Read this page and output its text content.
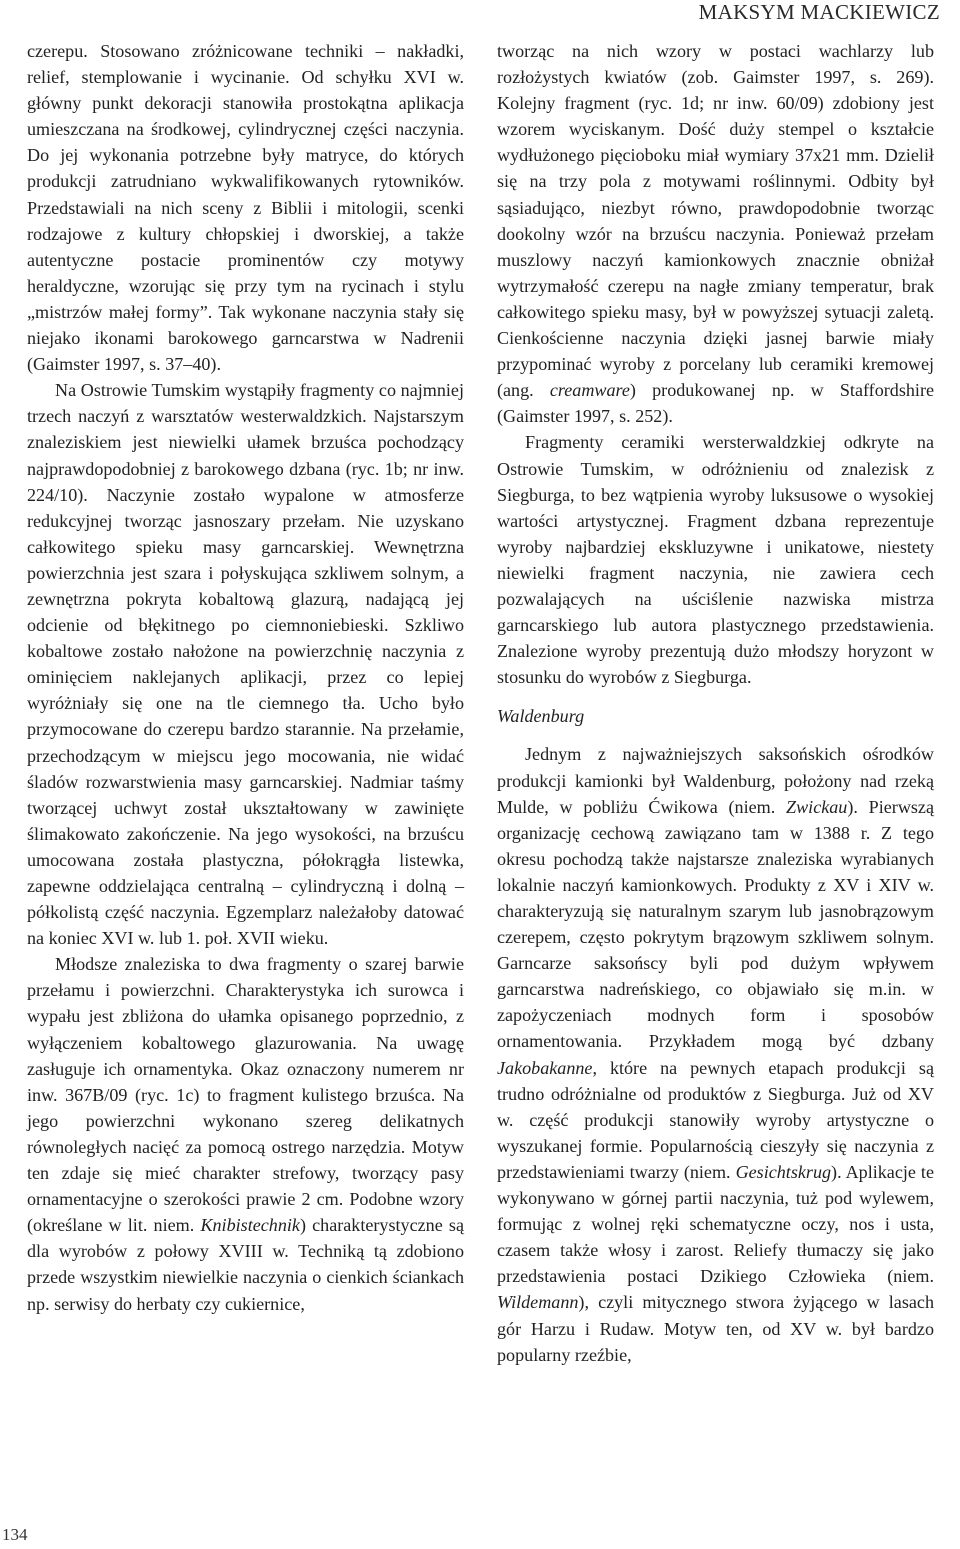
MAKSYM MACKIEWICZ

czerepu. Stosowano zróżnicowane techniki – nakładki, relief, stemplowanie i wycinanie. Od schyłku XVI w. główny punkt dekoracji stanowiła prostokątna aplikacja umieszczana na środkowej, cylindrycznej części naczynia. Do jej wykonania potrzebne były matryce, do których produkcji zatrudniano wykwalifikowanych rytowników. Przedstawiali na nich sceny z Biblii i mitologii, scenki rodzajowe z kultury chłopskiej i dworskiej, a także autentyczne postacie prominentów czy motywy heraldyczne, wzorując się przy tym na rycinach i stylu „mistrzów małej formy”. Tak wykonane naczynia stały się niejako ikonami barokowego garncarstwa w Nadrenii (Gaimster 1997, s. 37–40).

Na Ostrowie Tumskim wystąpiły fragmenty co najmniej trzech naczyń z warsztatów westerwaldzkich. Najstarszym znaleziskiem jest niewielki ułamek brzuśca pochodzący najprawdopodobniej z barokowego dzbana (ryc. 1b; nr inw. 224/10). Naczynie zostało wypalone w atmosferze redukcyjnej tworząc jasnoszary przełam. Nie uzyskano całkowitego spieku masy garncarskiej. Wewnętrzna powierzchnia jest szara i połyskująca szkliwem solnym, a zewnętrzna pokryta kobaltową glazurą, nadającą jej odcienie od błękitnego po ciemnoniebieski. Szkliwo kobaltowe zostało nałożone na powierzchnię naczynia z ominięciem naklejanych aplikacji, przez co lepiej wyróżniały się one na tle ciemnego tła. Ucho było przymocowane do czerepu bardzo starannie. Na przełamie, przechodzącym w miejscu jego mocowania, nie widać śladów rozwarstwienia masy garncarskiej. Nadmiar taśmy tworzącej uchwyt został ukształtowany w zawinięte ślimakowato zakończenie. Na jego wysokości, na brzuścu umocowana została plastyczna, półokrągła listewka, zapewne oddzielająca centralną – cylindryczną i dolną – półkolistą część naczynia. Egzemplarz należałoby datować na koniec XVI w. lub 1. poł. XVII wieku.

Młodsze znaleziska to dwa fragmenty o szarej barwie przełamu i powierzchni. Charakterystyka ich surowca i wypału jest zbliżona do ułamka opisanego poprzednio, z wyłączeniem kobaltowego glazurowania. Na uwagę zasługuje ich ornamentyka. Okaz oznaczony numerem nr inw. 367B/09 (ryc. 1c) to fragment kulistego brzuśca. Na jego powierzchni wykonano szereg delikatnych równoległych nacięć za pomocą ostrego narzędzia. Motyw ten zdaje się mieć charakter strefowy, tworzący pasy ornamentacyjne o szerokości prawie 2 cm. Podobne wzory (określane w lit. niem. Knibistechnik) charakterystyczne są dla wyrobów z połowy XVIII w. Techniką tą zdobiono przede wszystkim niewielkie naczynia o cienkich ściankach np. serwisy do herbaty czy cukiernice,

tworząc na nich wzory w postaci wachlarzy lub rozłożystych kwiatów (zob. Gaimster 1997, s. 269). Kolejny fragment (ryc. 1d; nr inw. 60/09) zdobiony jest wzorem wyciskanym. Dość duży stempel o kształcie wydłużonego pięcioboku miał wymiary 37x21 mm. Dzielił się na trzy pola z motywami roślinnymi. Odbity był sąsiadująco, niezbyt równo, prawdopodobnie tworząc dookolny wzór na brzuścu naczynia. Ponieważ przełam muszlowy naczyń kamionkowych znacznie obniżał wytrzymałość czerepu na nagłe zmiany temperatur, brak całkowitego spieku masy, był w powyższej sytuacji zaletą. Cienkościenne naczynia dzięki jasnej barwie miały przypominać wyroby z porcelany lub ceramiki kremowej (ang. creamware) produkowanej np. w Staffordshire (Gaimster 1997, s. 252).

Fragmenty ceramiki wersterwaldzkiej odkryte na Ostrowie Tumskim, w odróżnieniu od znalezisk z Siegburga, to bez wątpienia wyroby luksusowe o wysokiej wartości artystycznej. Fragment dzbana reprezentuje wyroby najbardziej ekskluzywne i unikatowe, niestety niewielki fragment naczynia, nie zawiera cech pozwalających na uściślenie nazwiska mistrza garncarskiego lub autora plastycznego przedstawienia. Znalezione wyroby prezentują dużo młodszy horyzont w stosunku do wyrobów z Siegburga.

Waldenburg

Jednym z najważniejszych saksońskich ośrodków produkcji kamionki był Waldenburg, położony nad rzeką Mulde, w pobliżu Ćwikowa (niem. Zwickau). Pierwszą organizację cechową zawiązano tam w 1388 r. Z tego okresu pochodzą także najstarsze znaleziska wyrabianych lokalnie naczyń kamionkowych. Produkty z XV i XIV w. charakteryzują się naturalnym szarym lub jasnobrązowym czerepem, często pokrytym brązowym szkliwem solnym. Garncarze saksońscy byli pod dużym wpływem garncarstwa nadreńskiego, co objawiało się m.in. w zapożyczeniach modnych form i sposobów ornamentowania. Przykładem mogą być dzbany Jakobakanne, które na pewnych etapach produkcji są trudno odróżnialne od produktów z Siegburga. Już od XV w. część produkcji stanowiły wyroby artystyczne o wyszukanej formie. Popularnością cieszyły się naczynia z przedstawieniami twarzy (niem. Gesichtskrug). Aplikacje te wykonywano w górnej partii naczynia, tuż pod wylewem, formując z wolnej ręki schematyczne oczy, nos i usta, czasem także włosy i zarost. Reliefy tłumaczy się jako przedstawienia postaci Dzikiego Człowieka (niem. Wildemann), czyli mitycznego stwora żyjącego w lasach gór Harzu i Rudaw. Motyw ten, od XV w. był bardzo popularny rzeźbie,

134
